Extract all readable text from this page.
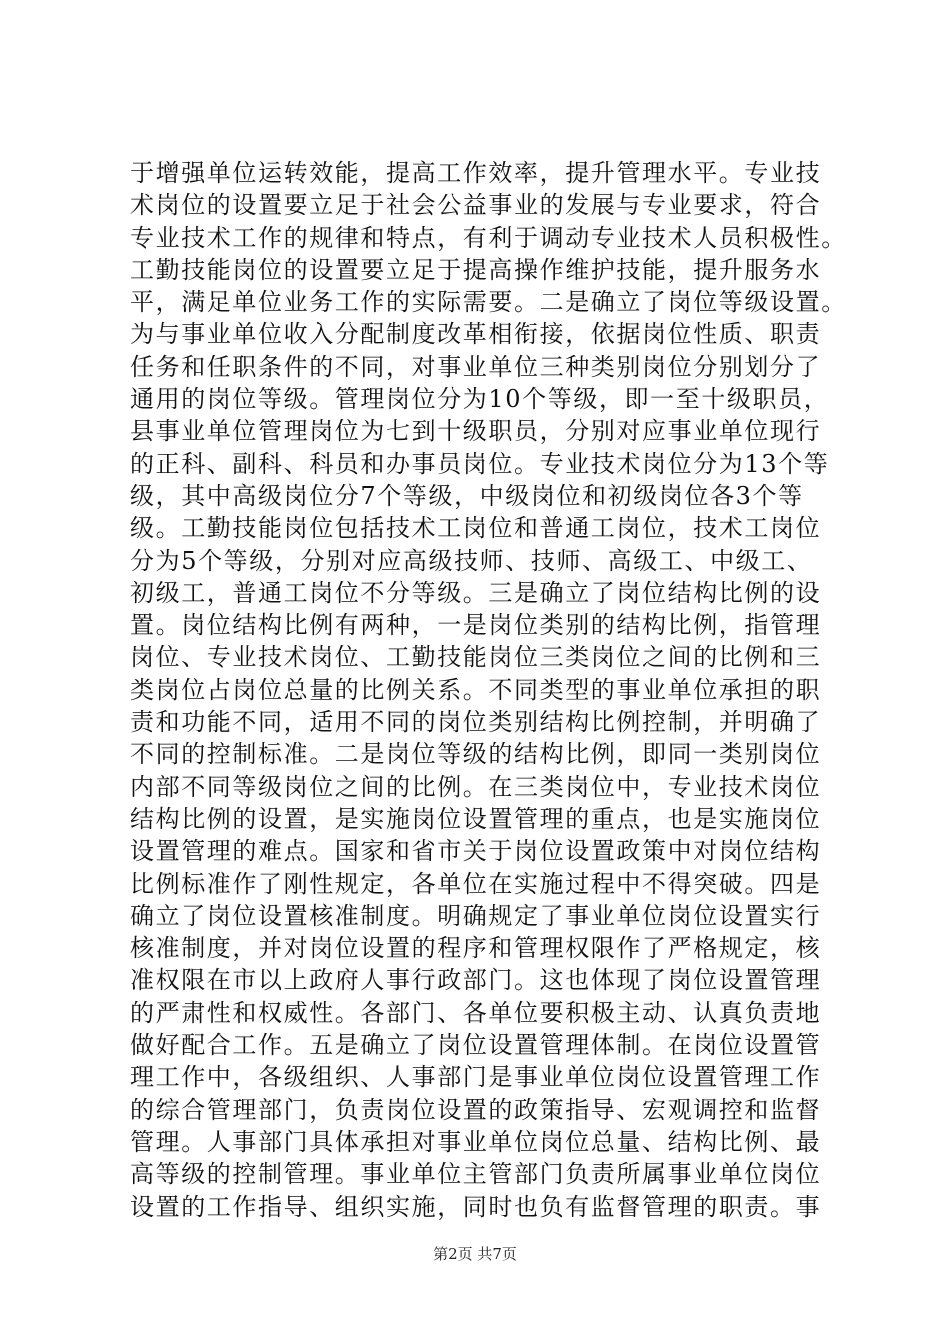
于增强单位运转效能，提高工作效率，提升管理水平。专业技
术岗位的设置要立足于社会公益事业的发展与专业要求，符合
专业技术工作的规律和特点，有利于调动专业技术人员积极性。
工勤技能岗位的设置要立足于提高操作维护技能，提升服务水
平，满足单位业务工作的实际需要。二是确立了岗位等级设置。
为与事业单位收入分配制度改革相衔接，依据岗位性质、职责
任务和任职条件的不同，对事业单位三种类别岗位分别划分了
通用的岗位等级。管理岗位分为10个等级，即一至十级职员，
县事业单位管理岗位为七到十级职员，分别对应事业单位现行
的正科、副科、科员和办事员岗位。专业技术岗位分为13个等
级，其中高级岗位分7个等级，中级岗位和初级岗位各3个等
级。工勤技能岗位包括技术工岗位和普通工岗位，技术工岗位
分为5个等级，分别对应高级技师、技师、高级工、中级工、
初级工，普通工岗位不分等级。三是确立了岗位结构比例的设
置。岗位结构比例有两种，一是岗位类别的结构比例，指管理
岗位、专业技术岗位、工勤技能岗位三类岗位之间的比例和三
类岗位占岗位总量的比例关系。不同类型的事业单位承担的职
责和功能不同，适用不同的岗位类别结构比例控制，并明确了
不同的控制标准。二是岗位等级的结构比例，即同一类别岗位
内部不同等级岗位之间的比例。在三类岗位中，专业技术岗位
结构比例的设置，是实施岗位设置管理的重点，也是实施岗位
设置管理的难点。国家和省市关于岗位设置政策中对岗位结构
比例标准作了刚性规定，各单位在实施过程中不得突破。四是
确立了岗位设置核准制度。明确规定了事业单位岗位设置实行
核准制度，并对岗位设置的程序和管理权限作了严格规定，核
准权限在市以上政府人事行政部门。这也体现了岗位设置管理
的严肃性和权威性。各部门、各单位要积极主动、认真负责地
做好配合工作。五是确立了岗位设置管理体制。在岗位设置管
理工作中，各级组织、人事部门是事业单位岗位设置管理工作
的综合管理部门，负责岗位设置的政策指导、宏观调控和监督
管理。人事部门具体承担对事业单位岗位总量、结构比例、最
高等级的控制管理。事业单位主管部门负责所属事业单位岗位
设置的工作指导、组织实施，同时也负有监督管理的职责。事
第2页 共7页
